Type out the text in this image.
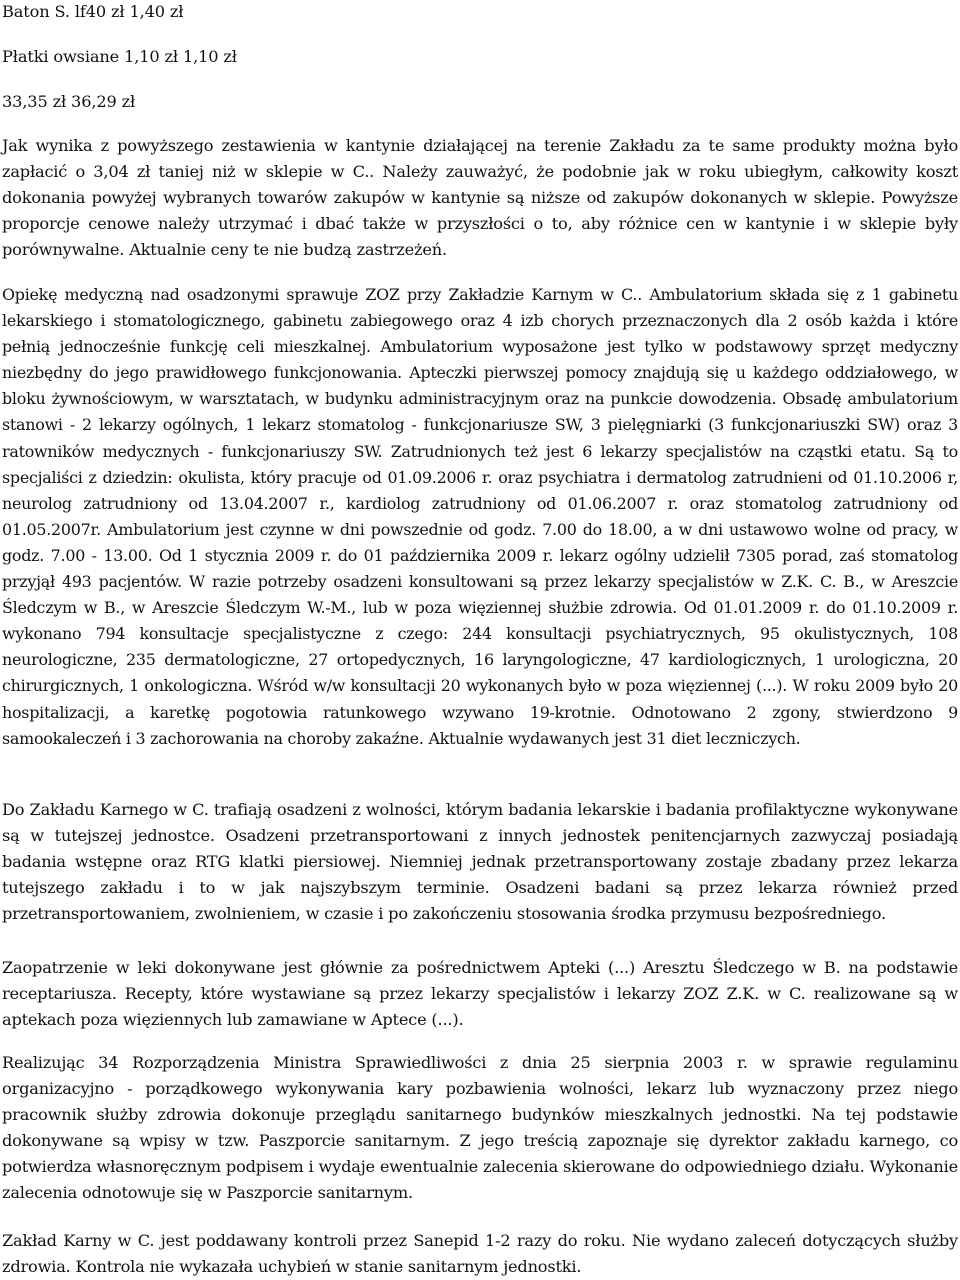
Baton S. lf40 zł 1,40 zł
Płatki owsiane 1,10 zł 1,10 zł
33,35 zł 36,29 zł

Jak wynika z powyższego zestawienia w kantynie działającej na terenie Zakładu za te same produkty można było zapłacić o 3,04 zł taniej niż w sklepie w C.. Należy zauważyć, że podobnie jak w roku ubiegłym, całkowity koszt dokonania powyżej wybranych towarów zakupów w kantynie są niższe od zakupów dokonanych w sklepie. Powyższe proporcje cenowe należy utrzymać i dbać także w przyszłości o to, aby różnice cen w kantynie i w sklepie były porównywalne. Aktualnie ceny te nie budzą zastrzeżeń.

Opiekę medyczną nad osadzonymi sprawuje ZOZ przy Zakładzie Karnym w C.. Ambulatorium składa się z 1 gabinetu lekarskiego i stomatologicznego, gabinetu zabiegowego oraz 4 izb chorych przeznaczonych dla 2 osób każda i które pełnią jednocześnie funkcję celi mieszkalnej. Ambulatorium wyposażone jest tylko w podstawowy sprzęt medyczny niezbędny do jego prawidłowego funkcjonowania. Apteczki pierwszej pomocy znajdują się u każdego oddziałowego, w bloku żywnościowym, w warsztatach, w budynku administracyjnym oraz na punkcie dowodzenia. Obsadę ambulatorium stanowi - 2 lekarzy ogólnych, 1 lekarz stomatolog - funkcjonariusze SW, 3 pielęgniarki (3 funkcjonariuszki SW) oraz 3 ratowników medycznych - funkcjonariuszy SW. Zatrudnionych też jest 6 lekarzy specjalistów na cząstki etatu. Są to specjaliści z dziedzin: okulista, który pracuje od 01.09.2006 r. oraz psychiatra i dermatolog zatrudnieni od 01.10.2006 r, neurolog zatrudniony od 13.04.2007 r., kardiolog zatrudniony od 01.06.2007 r. oraz stomatolog zatrudniony od 01.05.2007r. Ambulatorium jest czynne w dni powszednie od godz. 7.00 do 18.00, a w dni ustawowo wolne od pracy, w godz. 7.00 - 13.00. Od 1 stycznia 2009 r. do 01 października 2009 r. lekarz ogólny udzielił 7305 porad, zaś stomatolog przyjął 493 pacjentów. W razie potrzeby osadzeni konsultowani są przez lekarzy specjalistów w Z.K. C. B., w Areszcie Śledczym w B., w Areszcie Śledczym W.-M., lub w poza więziennej służbie zdrowia. Od 01.01.2009 r. do 01.10.2009 r. wykonano 794 konsultacje specjalistyczne z czego: 244 konsultacji psychiatrycznych, 95 okulistycznych, 108 neurologiczne, 235 dermatologiczne, 27 ortopedycznych, 16 laryngologiczne, 47 kardiologicznych, 1 urologiczna, 20 chirurgicznych, 1 onkologiczna. Wśród w/w konsultacji 20 wykonanych było w poza więziennej (...). W roku 2009 było 20 hospitalizacji, a karetkę pogotowia ratunkowego wzywano 19-krotnie. Odnotowano 2 zgony, stwierdzono 9 samookaleczeń i 3 zachorowania na choroby zakaźne. Aktualnie wydawanych jest 31 diet leczniczych.

Do Zakładu Karnego w C. trafiają osadzeni z wolności, którym badania lekarskie i badania profilaktyczne wykonywane są w tutejszej jednostce. Osadzeni przetransportowani z innych jednostek penitencjarnych zazwyczaj posiadają badania wstępne oraz RTG klatki piersiowej. Niemniej jednak przetransportowany zostaje zbadany przez lekarza tutejszego zakładu i to w jak najszybszym terminie. Osadzeni badani są przez lekarza również przed przetransportowaniem, zwolnieniem, w czasie i po zakończeniu stosowania środka przymusu bezpośredniego.

Zaopatrzenie w leki dokonywane jest głównie za pośrednictwem Apteki (...) Aresztu Śledczego w B. na podstawie receptariusza. Recepty, które wystawiane są przez lekarzy specjalistów i lekarzy ZOZ Z.K. w C. realizowane są w aptekach poza więziennych lub zamawiane w Aptece (...).

Realizując 34 Rozporządzenia Ministra Sprawiedliwości z dnia 25 sierpnia 2003 r. w sprawie regulaminu organizacyjno - porządkowego wykonywania kary pozbawienia wolności, lekarz lub wyznaczony przez niego pracownik służby zdrowia dokonuje przeglądu sanitarnego budynków mieszkalnych jednostki. Na tej podstawie dokonywane są wpisy w tzw. Paszporcie sanitarnym. Z jego treścią zapoznaje się dyrektor zakładu karnego, co potwierdza własnoręcznym podpisem i wydaje ewentualnie zalecenia skierowane do odpowiedniego działu. Wykonanie zalecenia odnotowuje się w Paszporcie sanitarnym.

Zakład Karny w C. jest poddawany kontroli przez Sanepid 1-2 razy do roku. Nie wydano zaleceń dotyczących służby zdrowia. Kontrola nie wykazała uchybień w stanie sanitarnym jednostki.
